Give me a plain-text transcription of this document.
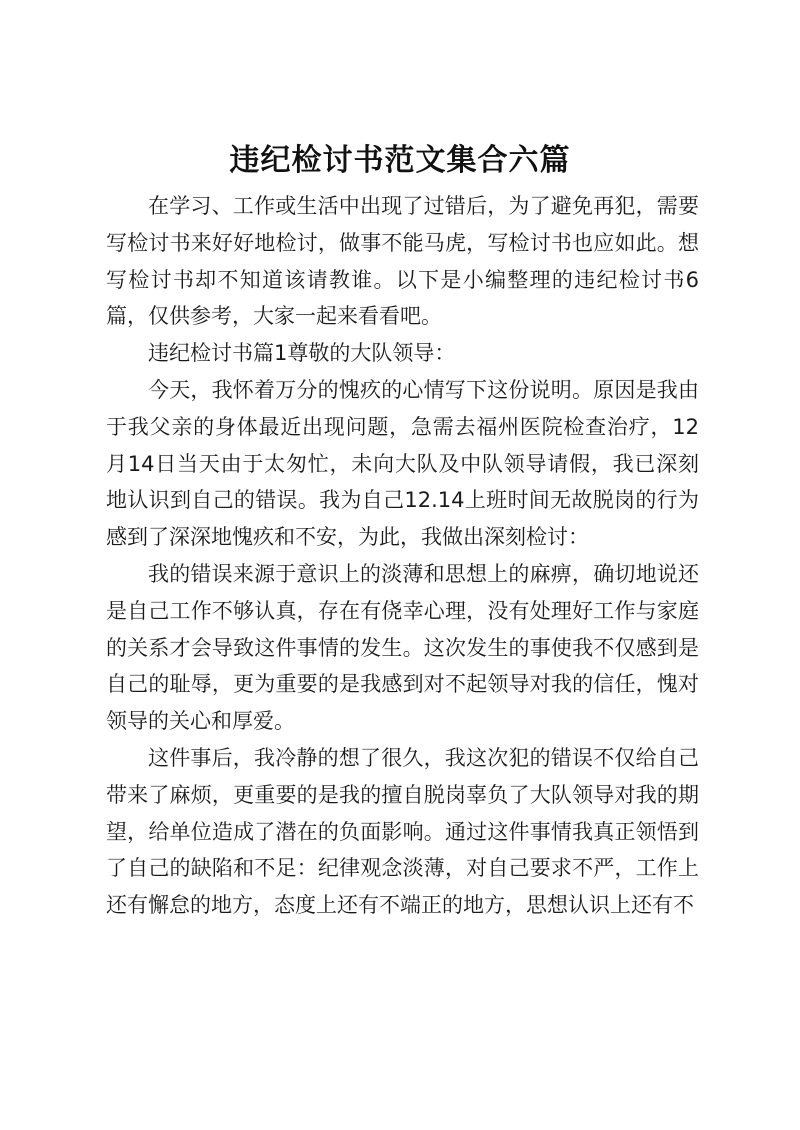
违纪检讨书范文集合六篇

在学习、工作或生活中出现了过错后，为了避免再犯，需要写检讨书来好好地检讨，做事不能马虎，写检讨书也应如此。想写检讨书却不知道该请教谁。以下是小编整理的违纪检讨书6篇，仅供参考，大家一起来看看吧。

违纪检讨书篇1尊敬的大队领导：

今天，我怀着万分的愧疚的心情写下这份说明。原因是我由于我父亲的身体最近出现问题，急需去福州医院检查治疗，12月14日当天由于太匆忙，未向大队及中队领导请假，我已深刻地认识到自己的错误。我为自己12.14上班时间无故脱岗的行为感到了深深地愧疚和不安，为此，我做出深刻检讨：

我的错误来源于意识上的淡薄和思想上的麻痹，确切地说还是自己工作不够认真，存在有侥幸心理，没有处理好工作与家庭的关系才会导致这件事情的发生。这次发生的事使我不仅感到是自己的耻辱，更为重要的是我感到对不起领导对我的信任，愧对领导的关心和厚爱。

这件事后，我冷静的想了很久，我这次犯的错误不仅给自己带来了麻烦，更重要的是我的擅自脱岗辜负了大队领导对我的期望，给单位造成了潜在的负面影响。通过这件事情我真正领悟到了自己的缺陷和不足：纪律观念淡薄，对自己要求不严，工作上还有懈怠的地方，态度上还有不端正的地方，思想认识上还有不
